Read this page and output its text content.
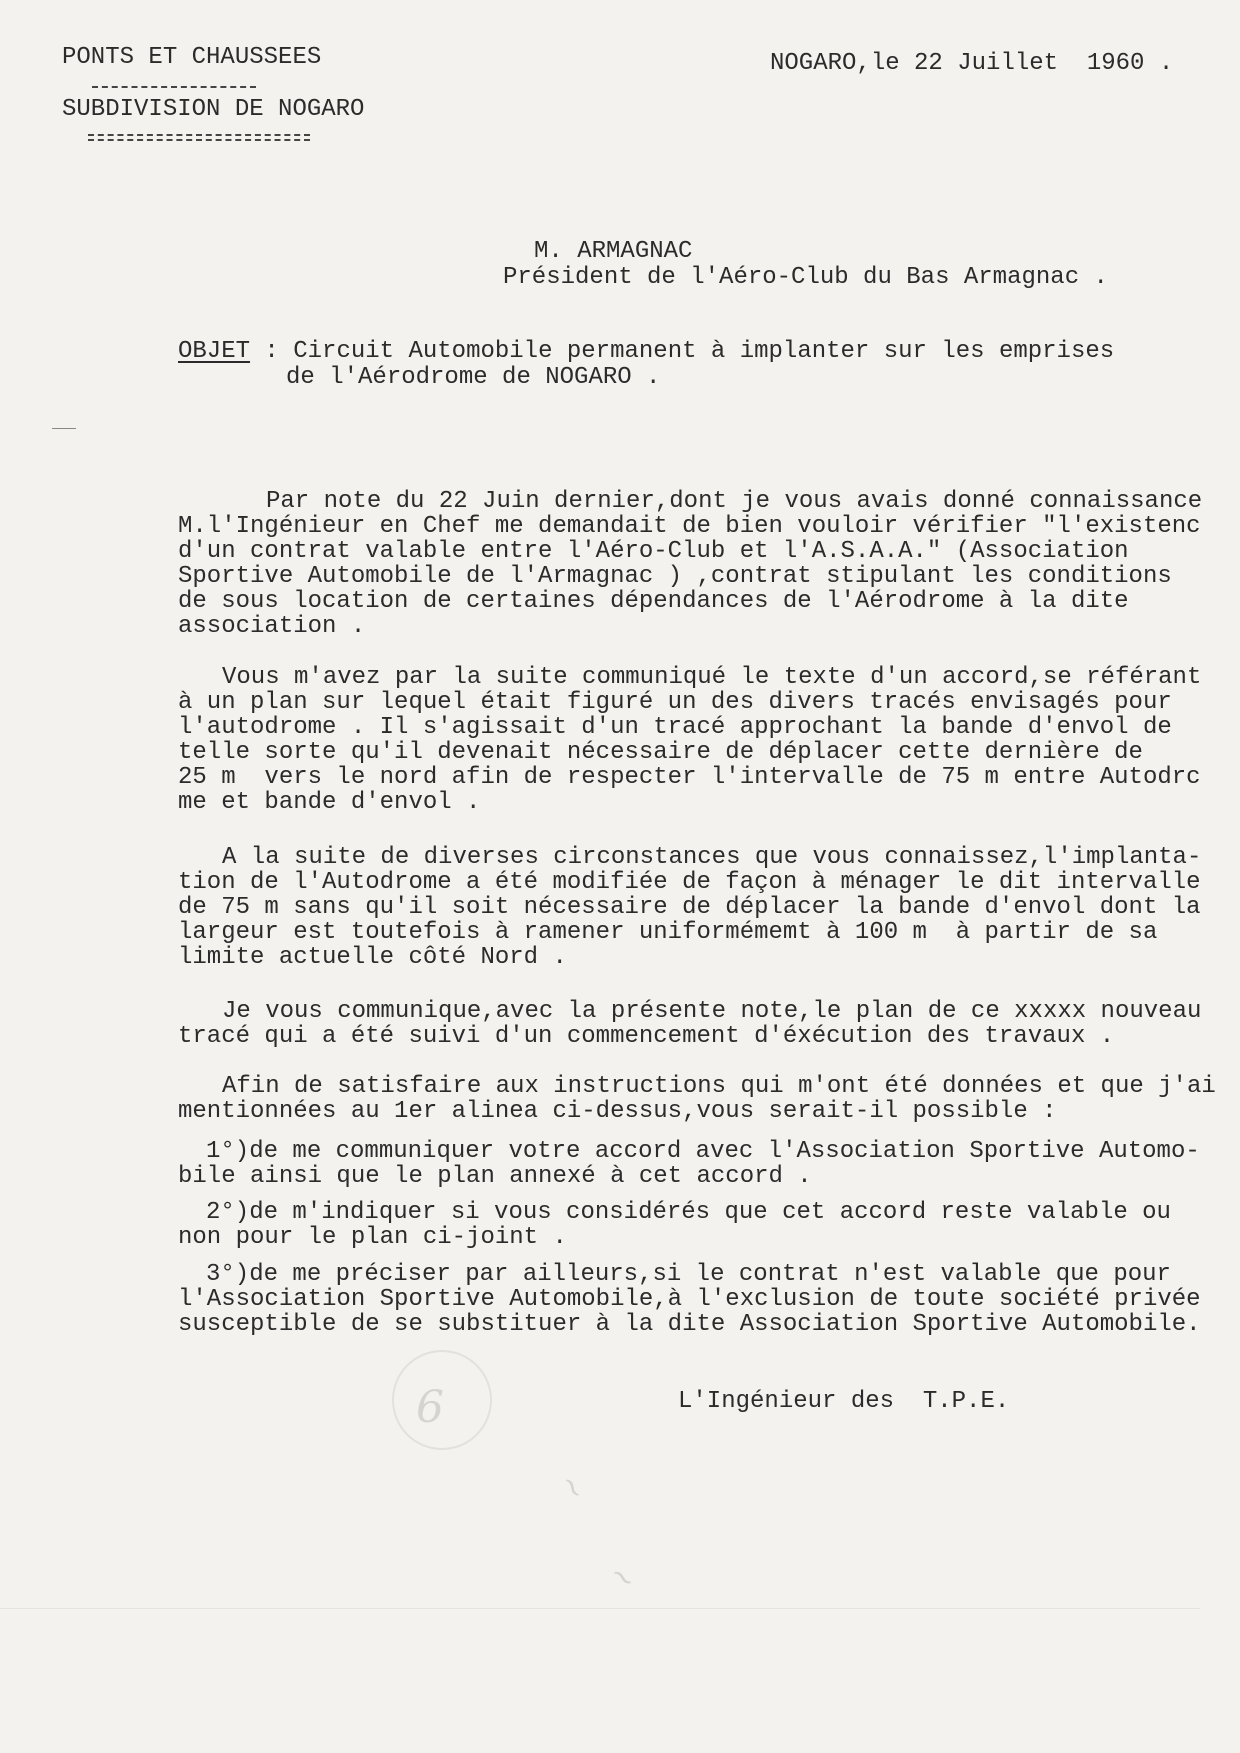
PONTS ET CHAUSSEES
SUBDIVISION DE NOGARO
NOGARO,le 22 Juillet  1960 .
M. ARMAGNAC
Président de l'Aéro-Club du Bas Armagnac .
OBJET : Circuit Automobile permanent à implanter sur les emprises
de l'Aérodrome de NOGARO .
Par note du 22 Juin dernier,dont je vous avais donné connaissance
M.l'Ingénieur en Chef me demandait de bien vouloir vérifier "l'existenc
d'un contrat valable entre l'Aéro-Club et l'A.S.A.A." (Association
Sportive Automobile de l'Armagnac ) ,contrat stipulant les conditions
de sous location de certaines dépendances de l'Aérodrome à la dite
association .
Vous m'avez par la suite communiqué le texte d'un accord,se référant
à un plan sur lequel était figuré un des divers tracés envisagés pour
l'autodrome . Il s'agissait d'un tracé approchant la bande d'envol de
telle sorte qu'il devenait nécessaire de déplacer cette dernière de
25 m  vers le nord afin de respecter l'intervalle de 75 m entre Autodrc
me et bande d'envol .
A la suite de diverses circonstances que vous connaissez,l'implanta-
tion de l'Autodrome a été modifiée de façon à ménager le dit intervalle
de 75 m sans qu'il soit nécessaire de déplacer la bande d'envol dont la
largeur est toutefois à ramener uniformémemt à 100 m  à partir de sa
limite actuelle côté Nord .
Je vous communique,avec la présente note,le plan de ce xxxxx nouveau
tracé qui a été suivi d'un commencement d'éxécution des travaux .
Afin de satisfaire aux instructions qui m'ont été données et que j'ai
mentionnées au 1er alinea ci-dessus,vous serait-il possible :
1°)de me communiquer votre accord avec l'Association Sportive Automo-
bile ainsi que le plan annexé à cet accord .
2°)de m'indiquer si vous considérés que cet accord reste valable ou
non pour le plan ci-joint .
3°)de me préciser par ailleurs,si le contrat n'est valable que pour
l'Association Sportive Automobile,à l'exclusion de toute société privée
susceptible de se substituer à la dite Association Sportive Automobile.
L'Ingénieur des  T.P.E.
6
~
~
